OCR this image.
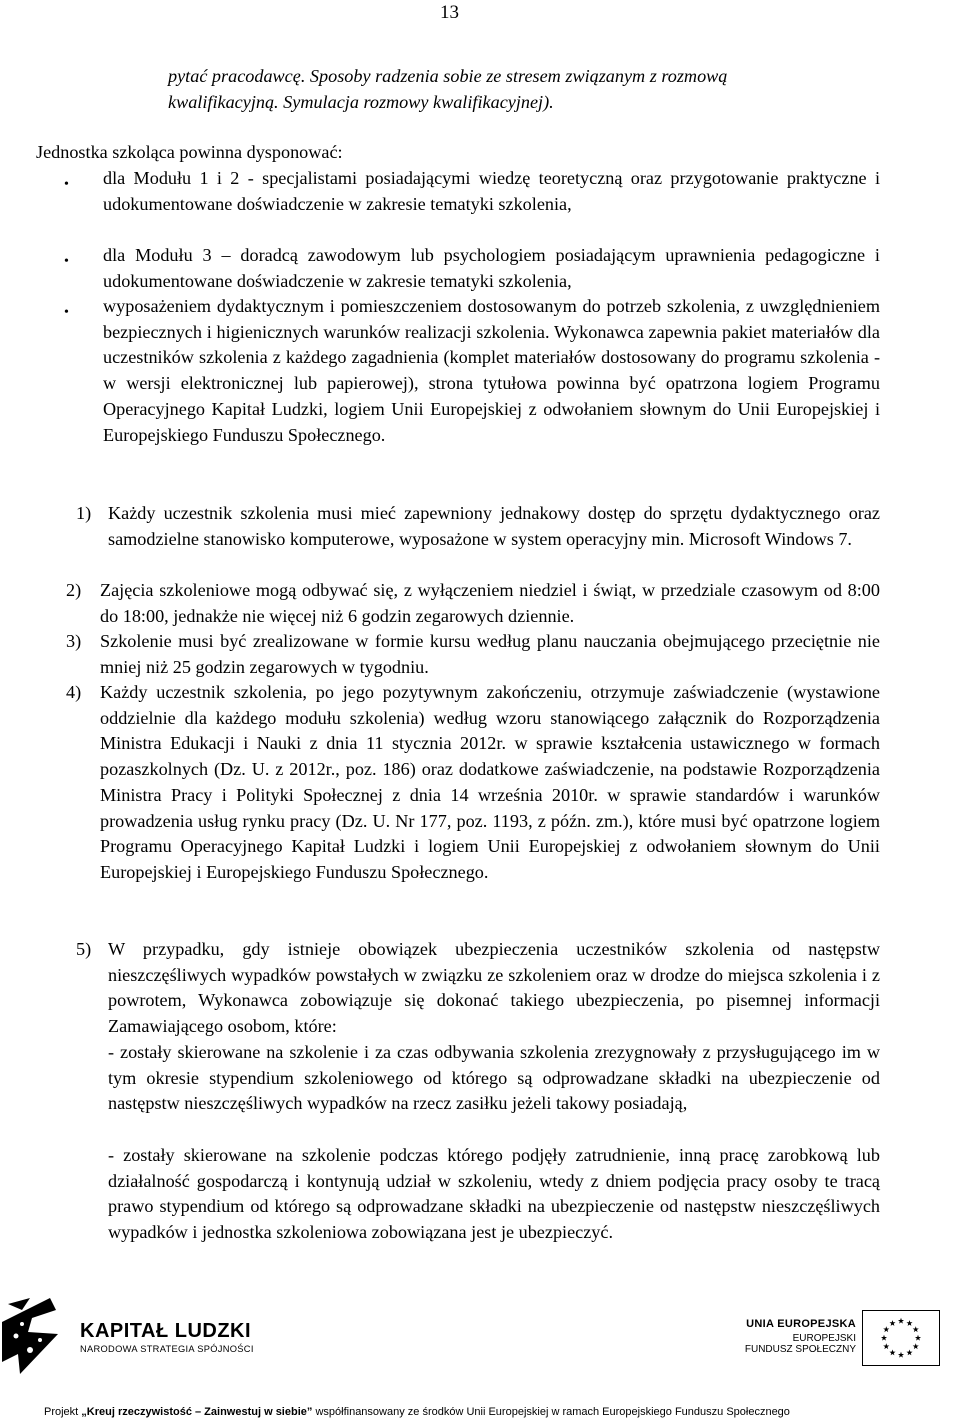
13
pytać pracodawcę. Sposoby radzenia sobie ze stresem związanym z rozmową
kwalifikacyjną. Symulacja rozmowy kwalifikacyjnej).
Jednostka szkoląca powinna dysponować:
• dla Modułu 1 i 2 - specjalistami posiadającymi wiedzę teoretyczną oraz przygotowanie praktyczne i udokumentowane doświadczenie w zakresie tematyki szkolenia,
• dla Modułu 3 – doradcą zawodowym lub psychologiem posiadającym uprawnienia pedagogiczne i udokumentowane doświadczenie w zakresie tematyki szkolenia,
• wyposażeniem dydaktycznym i pomieszczeniem dostosowanym do potrzeb szkolenia, z uwzględnieniem bezpiecznych i higienicznych warunków realizacji szkolenia. Wykonawca zapewnia pakiet materiałów dla uczestników szkolenia z każdego zagadnienia (komplet materiałów dostosowany do programu szkolenia - w wersji elektronicznej lub papierowej), strona tytułowa powinna być opatrzona logiem Programu Operacyjnego Kapitał Ludzki, logiem Unii Europejskiej z odwołaniem słownym do Unii Europejskiej i Europejskiego Funduszu Społecznego.
1) Każdy uczestnik szkolenia musi mieć zapewniony jednakowy dostęp do sprzętu dydaktycznego oraz samodzielne stanowisko komputerowe, wyposażone w system operacyjny min. Microsoft Windows 7.
2) Zajęcia szkoleniowe mogą odbywać się, z wyłączeniem niedziel i świąt, w przedziale czasowym od 8:00 do 18:00, jednakże nie więcej niż 6 godzin zegarowych dziennie.
3) Szkolenie musi być zrealizowane w formie kursu według planu nauczania obejmującego przeciętnie nie mniej niż 25 godzin zegarowych w tygodniu.
4) Każdy uczestnik szkolenia, po jego pozytywnym zakończeniu, otrzymuje zaświadczenie (wystawione oddzielnie dla każdego modułu szkolenia) według wzoru stanowiącego załącznik do Rozporządzenia Ministra Edukacji i Nauki z dnia 11 stycznia 2012r. w sprawie kształcenia ustawicznego w formach pozaszkolnych (Dz. U. z 2012r., poz. 186) oraz dodatkowe zaświadczenie, na podstawie Rozporządzenia Ministra Pracy i Polityki Społecznej z dnia 14 września 2010r. w sprawie standardów i warunków prowadzenia usług rynku pracy (Dz. U. Nr 177, poz. 1193, z późn. zm.), które musi być opatrzone logiem Programu Operacyjnego Kapitał Ludzki i logiem Unii Europejskiej z odwołaniem słownym do Unii Europejskiej i Europejskiego Funduszu Społecznego.
5) W przypadku, gdy istnieje obowiązek ubezpieczenia uczestników szkolenia od następstw nieszczęśliwych wypadków powstałych w związku ze szkoleniem oraz w drodze do miejsca szkolenia i z powrotem, Wykonawca zobowiązuje się dokonać takiego ubezpieczenia, po pisemnej informacji Zamawiającego osobom, które:
- zostały skierowane na szkolenie i za czas odbywania szkolenia zrezygnowały z przysługującego im w tym okresie stypendium szkoleniowego od którego są odprowadzane składki na ubezpieczenie od następstw nieszczęśliwych wypadków na rzecz zasiłku jeżeli takowy posiadają,
- zostały skierowane na szkolenie podczas którego podjęły zatrudnienie, inną pracę zarobkową lub działalność gospodarczą i kontynują udział w szkoleniu, wtedy z dniem podjęcia pracy osoby te tracą prawo stypendium od którego są odprowadzane składki na ubezpieczenie od następstw nieszczęśliwych wypadków i jednostka szkoleniowa zobowiązana jest je ubezpieczyć.
KAPITAŁ LUDZKI
NARODOWA STRATEGIA SPÓJNOŚCI
UNIA EUROPEJSKA
EUROPEJSKI
FUNDUSZ SPOŁECZNY
Projekt „Kreuj rzeczywistość – Zainwestuj w siebie” współfinansowany ze środków Unii Europejskiej w ramach Europejskiego Funduszu Społecznego
